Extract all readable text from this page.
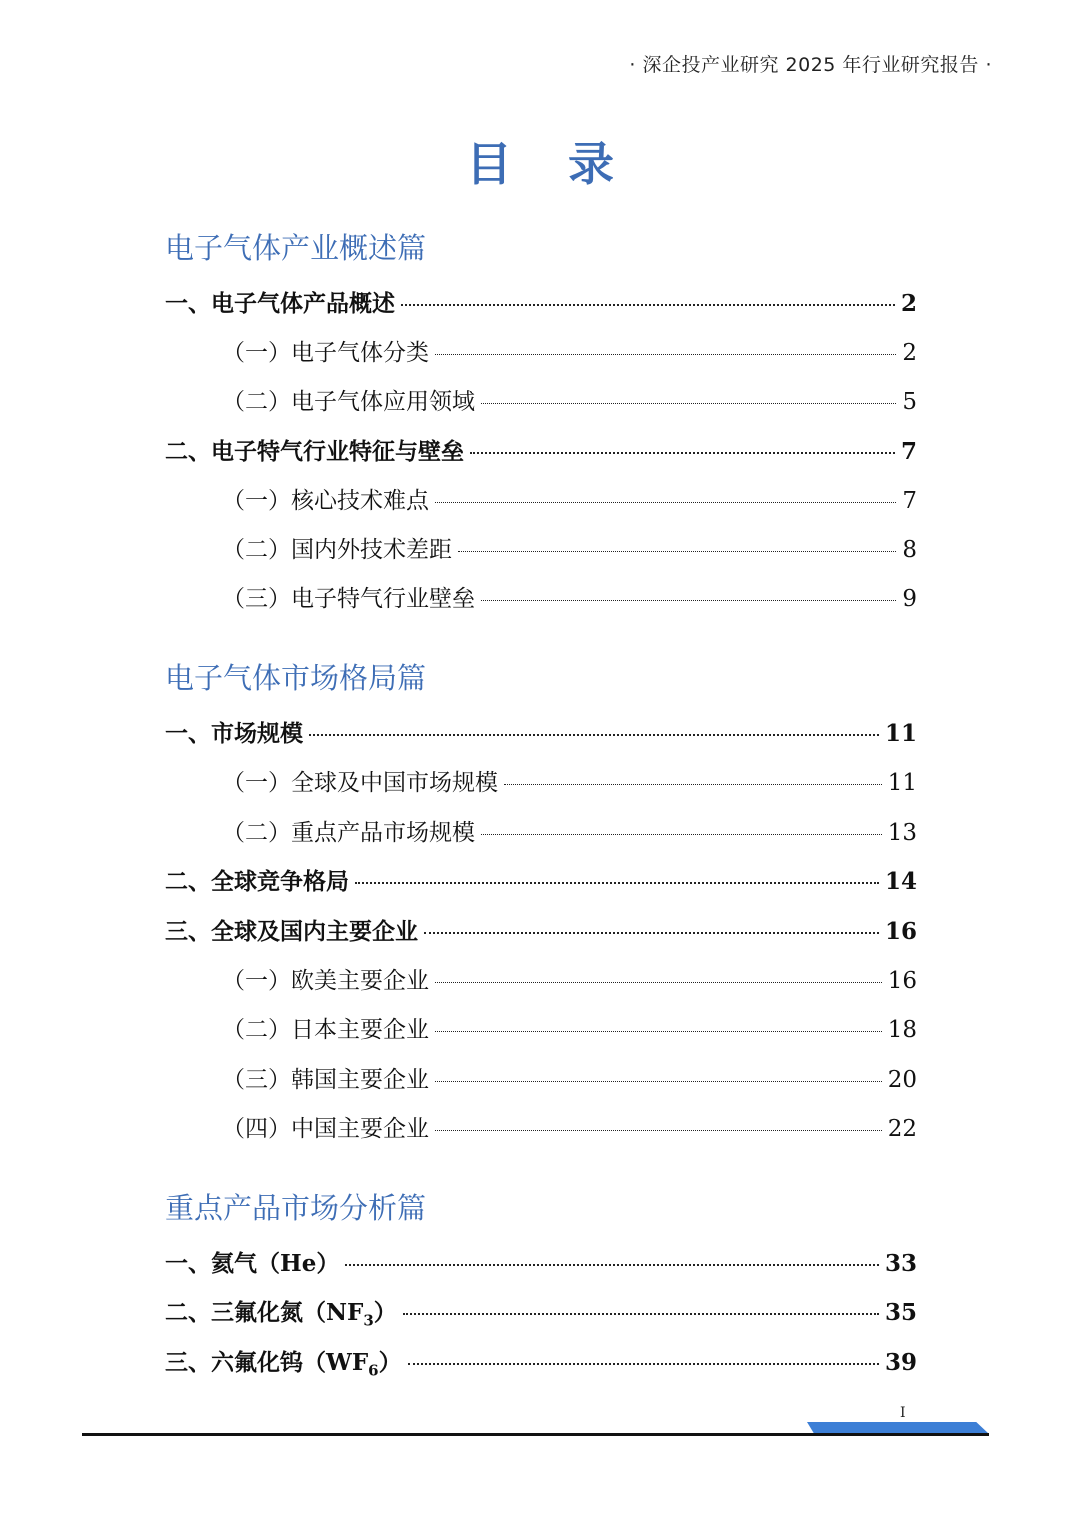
· 深企投产业研究 2025 年行业研究报告 ·
目录
电子气体产业概述篇
一、电子气体产品概述	2
（一）电子气体分类	2
（二）电子气体应用领域	5
二、电子特气行业特征与壁垒	7
（一）核心技术难点	7
（二）国内外技术差距	8
（三）电子特气行业壁垒	9
电子气体市场格局篇
一、市场规模	11
（一）全球及中国市场规模	11
（二）重点产品市场规模	13
二、全球竞争格局	14
三、全球及国内主要企业	16
（一）欧美主要企业	16
（二）日本主要企业	18
（三）韩国主要企业	20
（四）中国主要企业	22
重点产品市场分析篇
一、氦气（He）	33
二、三氟化氮$(NF_3)$	35
三、六氟化钨$(WF_6)$	39
I
